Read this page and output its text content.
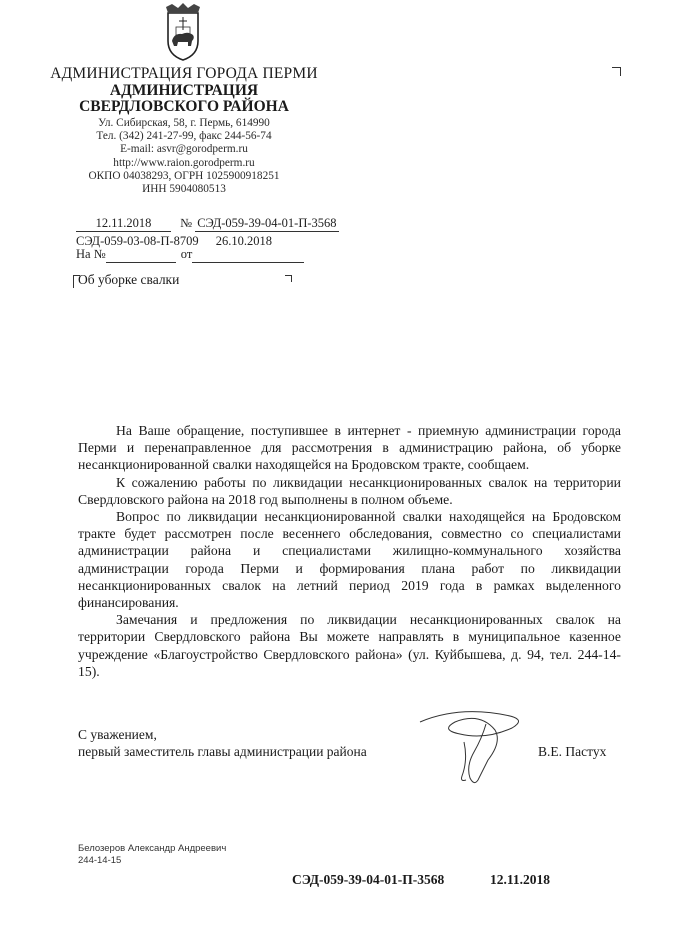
АДМИНИСТРАЦИЯ ГОРОДА ПЕРМИ
АДМИНИСТРАЦИЯ
СВЕРДЛОВСКОГО РАЙОНА
Ул. Сибирская, 58, г. Пермь, 614990
Тел. (342) 241-27-99, факс 244-56-74
E-mail: asvr@gorodperm.ru
http://www.raion.gorodperm.ru
ОКПО 04038293, ОГРН 1025900918251
ИНН 5904080513
12.11.2018 № СЭД-059-39-04-01-П-3568
СЭД-059-03-08-П-8709 26.10.2018
На №	от
Об уборке свалки

На Ваше обращение, поступившее в интернет - приемную администрации города Перми и перенаправленное для рассмотрения в администрацию района, об уборке несанкционированной свалки находящейся на Бродовском тракте, сообщаем.

К сожалению работы по ликвидации несанкционированных свалок на территории Свердловского района на 2018 год выполнены в полном объеме.

Вопрос по ликвидации несанкционированной свалки находящейся на Бродовском тракте будет рассмотрен после весеннего обследования, совместно со специалистами администрации района и специалистами жилищно-коммунального хозяйства администрации города Перми и формирования плана работ по ликвидации несанкционированных свалок на летний период 2019 года в рамках выделенного финансирования.

Замечания и предложения по ликвидации несанкционированных свалок на территории Свердловского района Вы можете направлять в муниципальное казенное учреждение «Благоустройство Свердловского района» (ул. Куйбышева, д. 94, тел. 244-14-15).

С уважением,
первый заместитель главы администрации района	В.Е. Пастух
Белозеров Александр Андреевич
244-14-15
СЭД-059-39-04-01-П-3568	12.11.2018
